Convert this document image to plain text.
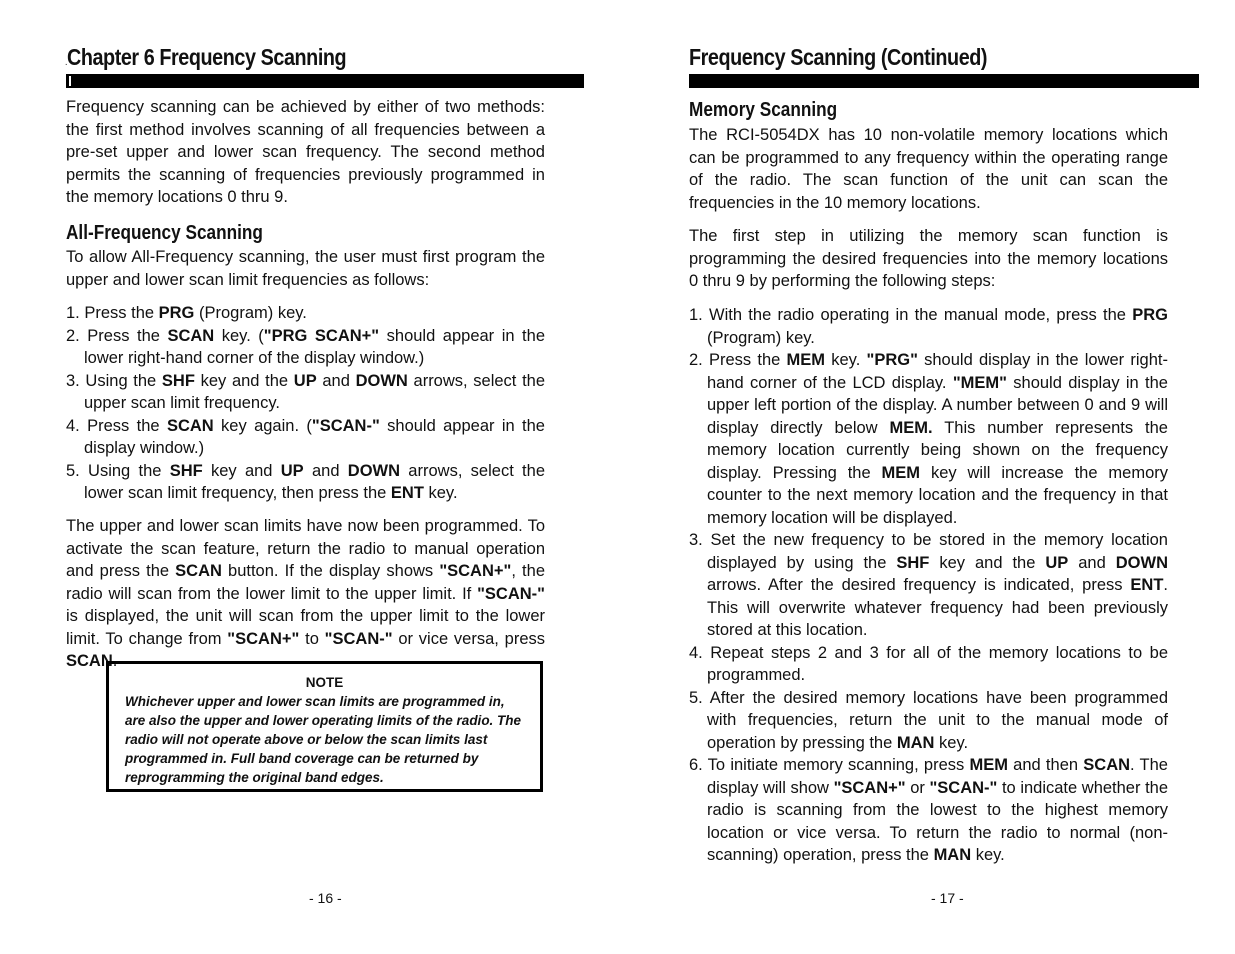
.Chapter 6 Frequency Scanning

Frequency scanning can be achieved by either of two methods: the first method involves scanning of all frequencies between a pre-set upper and lower scan frequency. The second method permits the scanning of frequencies previously programmed in the memory locations 0 thru 9.

All-Frequency Scanning

To allow All-Frequency scanning, the user must first program the upper and lower scan limit frequencies as follows:

1. Press the PRG (Program) key.
2. Press the SCAN key. ("PRG SCAN+" should appear in the lower right-hand corner of the display window.)
3. Using the SHF key and the UP and DOWN arrows, select the upper scan limit frequency.
4. Press the SCAN key again. ("SCAN-" should appear in the display window.)
5. Using the SHF key and UP and DOWN arrows, select the lower scan limit frequency, then press the ENT key.

The upper and lower scan limits have now been programmed. To activate the scan feature, return the radio to manual operation and press the SCAN button. If the display shows "SCAN+", the radio will scan from the lower limit to the upper limit. If "SCAN-" is displayed, the unit will scan from the upper limit to the lower limit. To change from "SCAN+" to "SCAN-" or vice versa, press SCAN.

NOTE

Whichever upper and lower scan limits are programmed in, are also the upper and lower operating limits of the radio. The radio will not operate above or below the scan limits last programmed in. Full band coverage can be returned by reprogramming the original band edges.

- 16 -
Frequency Scanning (Continued)
Memory Scanning

The RCI-5054DX has 10 non-volatile memory locations which can be programmed to any frequency within the operating range of the radio. The scan function of the unit can scan the frequencies in the 10 memory locations.

The first step in utilizing the memory scan function is programming the desired frequencies into the memory locations 0 thru 9 by performing the following steps:

1. With the radio operating in the manual mode, press the PRG (Program) key.
2. Press the MEM key. "PRG" should display in the lower right-hand corner of the LCD display. "MEM" should display in the upper left portion of the display. A number between 0 and 9 will display directly below MEM. This number represents the memory location currently being shown on the frequency display. Pressing the MEM key will increase the memory counter to the next memory location and the frequency in that memory location will be displayed.
3. Set the new frequency to be stored in the memory location displayed by using the SHF key and the UP and DOWN arrows. After the desired frequency is indicated, press ENT. This will overwrite whatever frequency had been previously stored at this location.
4. Repeat steps 2 and 3 for all of the memory locations to be programmed.
5. After the desired memory locations have been programmed with frequencies, return the unit to the manual mode of operation by pressing the MAN key.
6. To initiate memory scanning, press MEM and then SCAN. The display will show "SCAN+" or "SCAN-" to indicate whether the radio is scanning from the lowest to the highest memory location or vice versa. To return the radio to normal (non-scanning) operation, press the MAN key.
- 17 -
